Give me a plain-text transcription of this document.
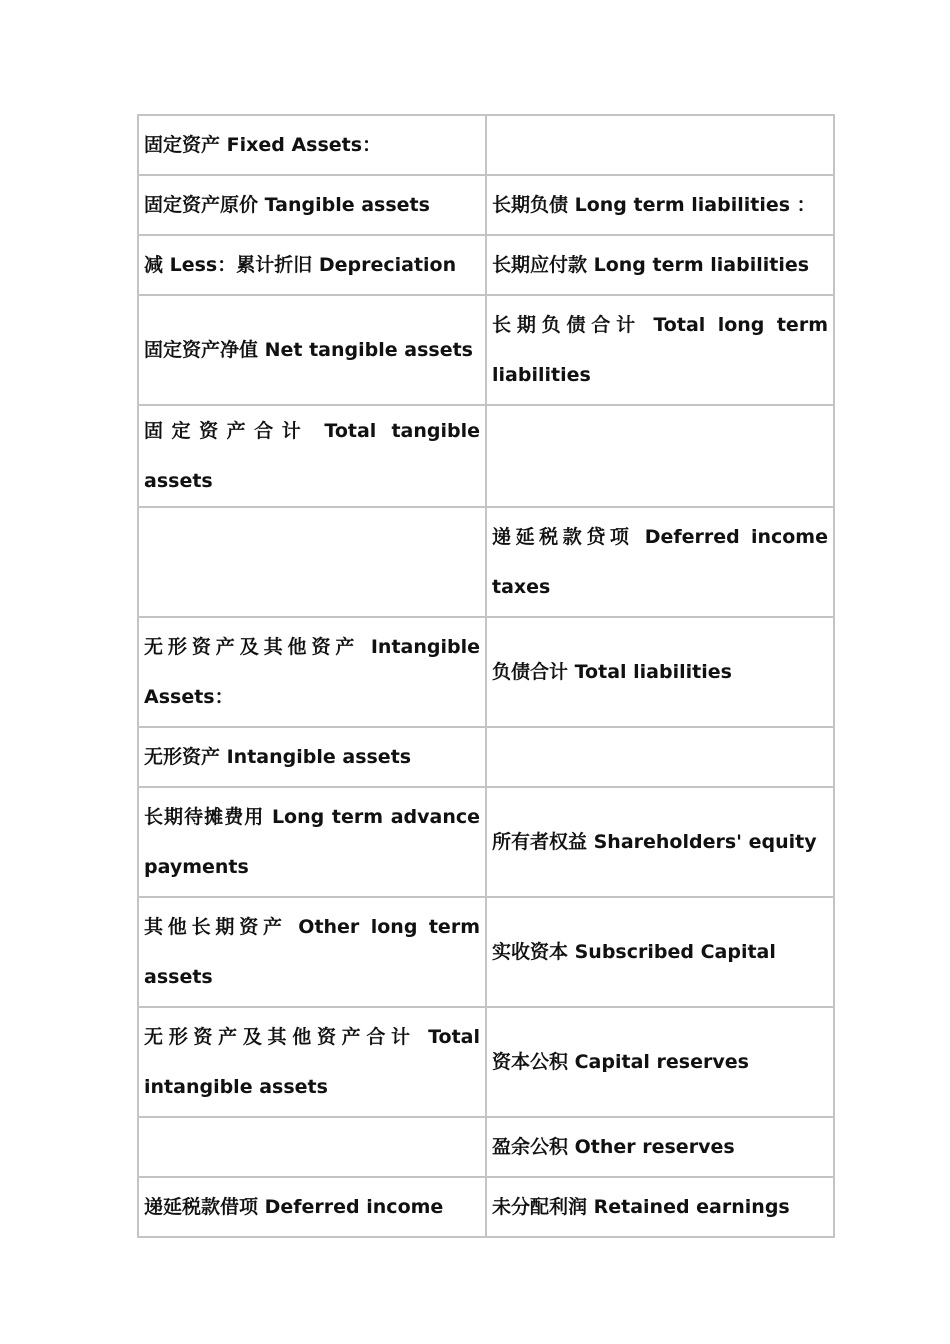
固定资产 Fixed Assets：	
固定资产原价 Tangible assets	长期负债 Long term liabilities ：
减 Less：累计折旧 Depreciation	长期应付款 Long term liabilities
固定资产净值 Net tangible assets	长期负债合计 Total long term liabilities
固定资产合计 Total tangible assets	
	递延税款贷项 Deferred income taxes
无形资产及其他资产 Intangible Assets：	负债合计 Total liabilities
无形资产 Intangible assets	
长期待摊费用 Long term advance payments	所有者权益 Shareholders' equity
其他长期资产 Other long term assets	实收资本 Subscribed Capital
无形资产及其他资产合计 Total intangible assets	资本公积 Capital reserves
	盈余公积 Other reserves
递延税款借项 Deferred income	未分配利润 Retained earnings
